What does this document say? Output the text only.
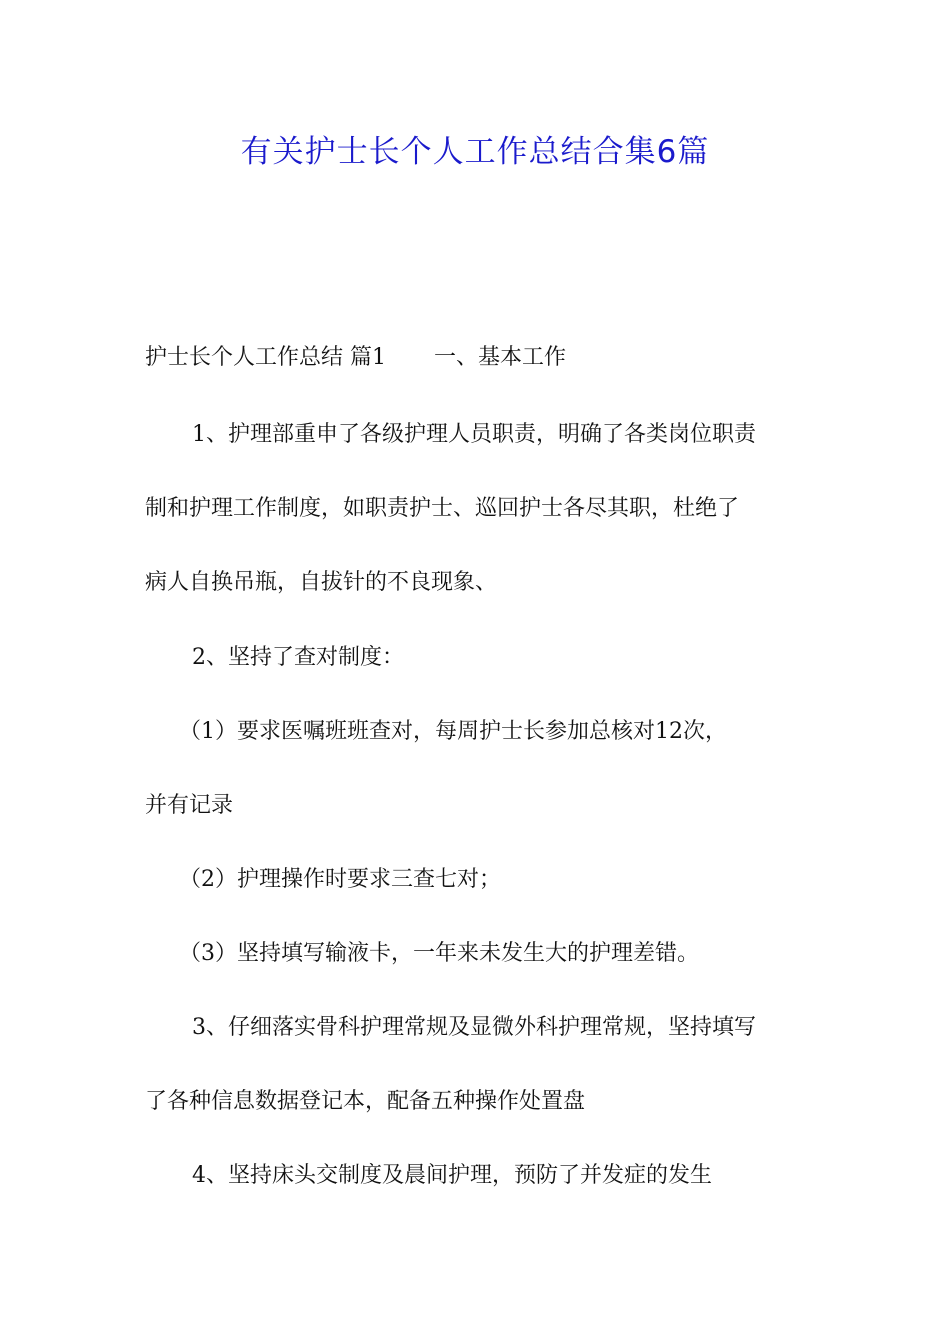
有关护士长个人工作总结合集6篇
护士长个人工作总结 篇1 一、基本工作
1、护理部重申了各级护理人员职责，明确了各类岗位职责
制和护理工作制度，如职责护士、巡回护士各尽其职，杜绝了
病人自换吊瓶，自拔针的不良现象、
2、坚持了查对制度：
（1）要求医嘱班班查对，每周护士长参加总核对12次，
并有记录
（2）护理操作时要求三查七对；
（3）坚持填写输液卡，一年来未发生大的护理差错。
3、仔细落实骨科护理常规及显微外科护理常规，坚持填写
了各种信息数据登记本，配备五种操作处置盘
4、坚持床头交制度及晨间护理，预防了并发症的发生
